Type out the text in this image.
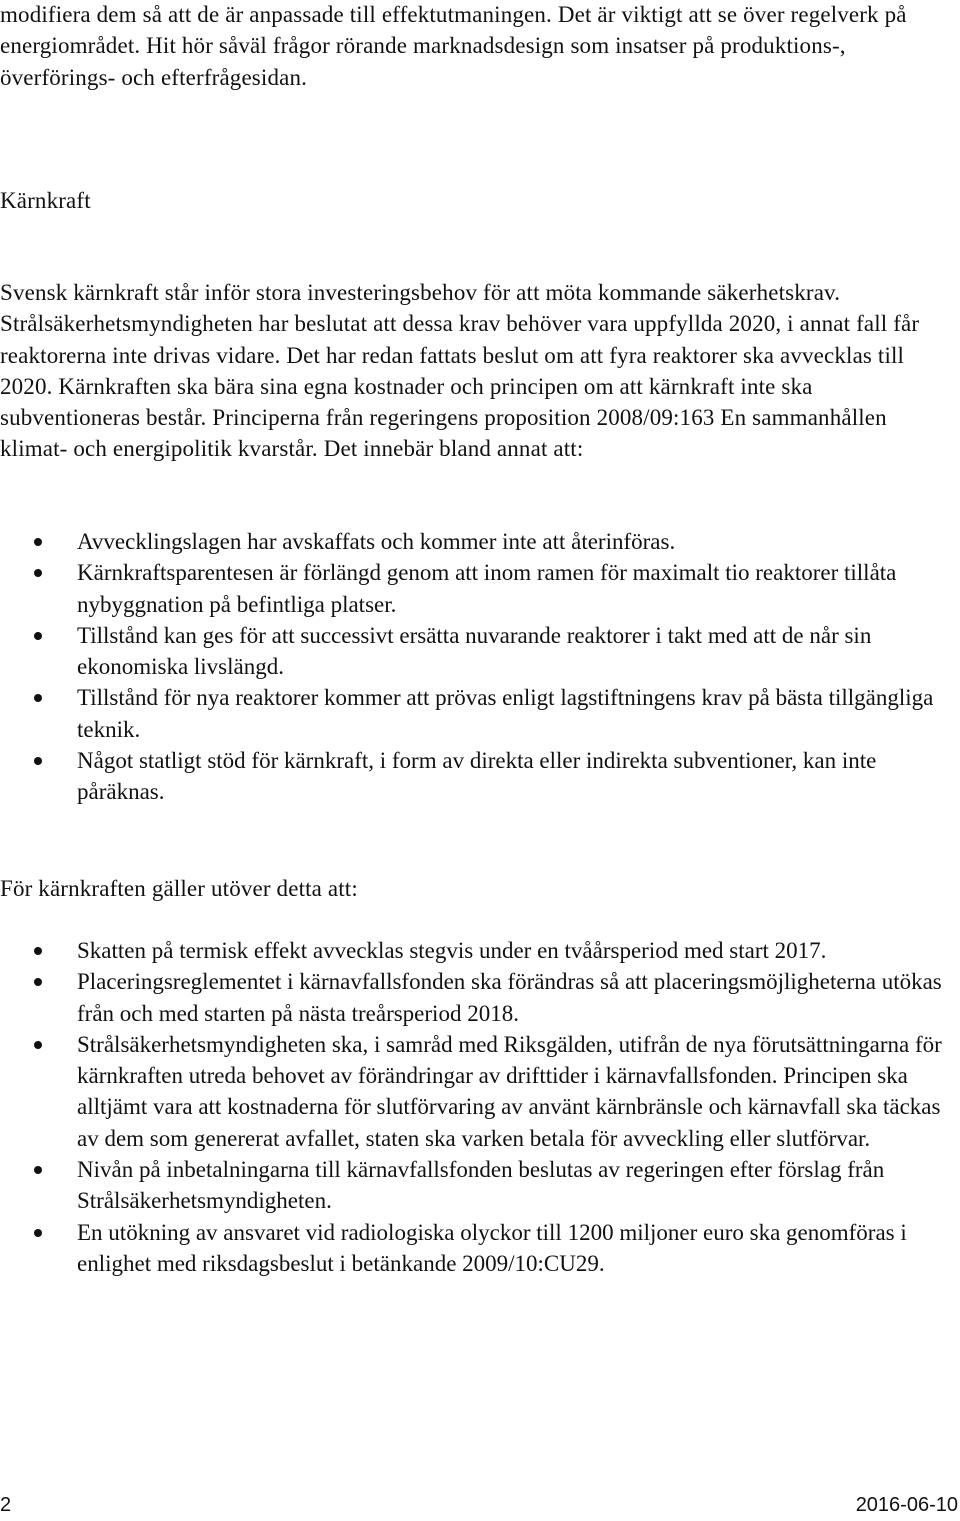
modifiera dem så att de är anpassade till effektutmaningen. Det är viktigt att se över regelverk på energiområdet. Hit hör såväl frågor rörande marknadsdesign som insatser på produktions-, överförings- och efterfrågesidan.

Kärnkraft

Svensk kärnkraft står inför stora investeringsbehov för att möta kommande säkerhetskrav. Strålsäkerhetsmyndigheten har beslutat att dessa krav behöver vara uppfyllda 2020, i annat fall får reaktorerna inte drivas vidare. Det har redan fattats beslut om att fyra reaktorer ska avvecklas till 2020. Kärnkraften ska bära sina egna kostnader och principen om att kärnkraft inte ska subventioneras består. Principerna från regeringens proposition 2008/09:163 En sammanhållen klimat- och energipolitik kvarstår. Det innebär bland annat att:

Avvecklingslagen har avskaffats och kommer inte att återinföras.
Kärnkraftsparentesen är förlängd genom att inom ramen för maximalt tio reaktorer tillåta nybyggnation på befintliga platser.
Tillstånd kan ges för att successivt ersätta nuvarande reaktorer i takt med att de når sin ekonomiska livslängd.
Tillstånd för nya reaktorer kommer att prövas enligt lagstiftningens krav på bästa tillgängliga teknik.
Något statligt stöd för kärnkraft, i form av direkta eller indirekta subventioner, kan inte påräknas.

För kärnkraften gäller utöver detta att:

Skatten på termisk effekt avvecklas stegvis under en tvåårsperiod med start 2017.
Placeringsreglementet i kärnavfallsfonden ska förändras så att placeringsmöjligheterna utökas från och med starten på nästa treårsperiod 2018.
Strålsäkerhetsmyndigheten ska, i samråd med Riksgälden, utifrån de nya förutsättningarna för kärnkraften utreda behovet av förändringar av drifttider i kärnavfallsfonden. Principen ska alltjämt vara att kostnaderna för slutförvaring av använt kärnbränsle och kärnavfall ska täckas av dem som genererat avfallet, staten ska varken betala för avveckling eller slutförvar.
Nivån på inbetalningarna till kärnavfallsfonden beslutas av regeringen efter förslag från Strålsäkerhetsmyndigheten.
En utökning av ansvaret vid radiologiska olyckor till 1200 miljoner euro ska genomföras i enlighet med riksdagsbeslut i betänkande 2009/10:CU29.
2	2016-06-10
